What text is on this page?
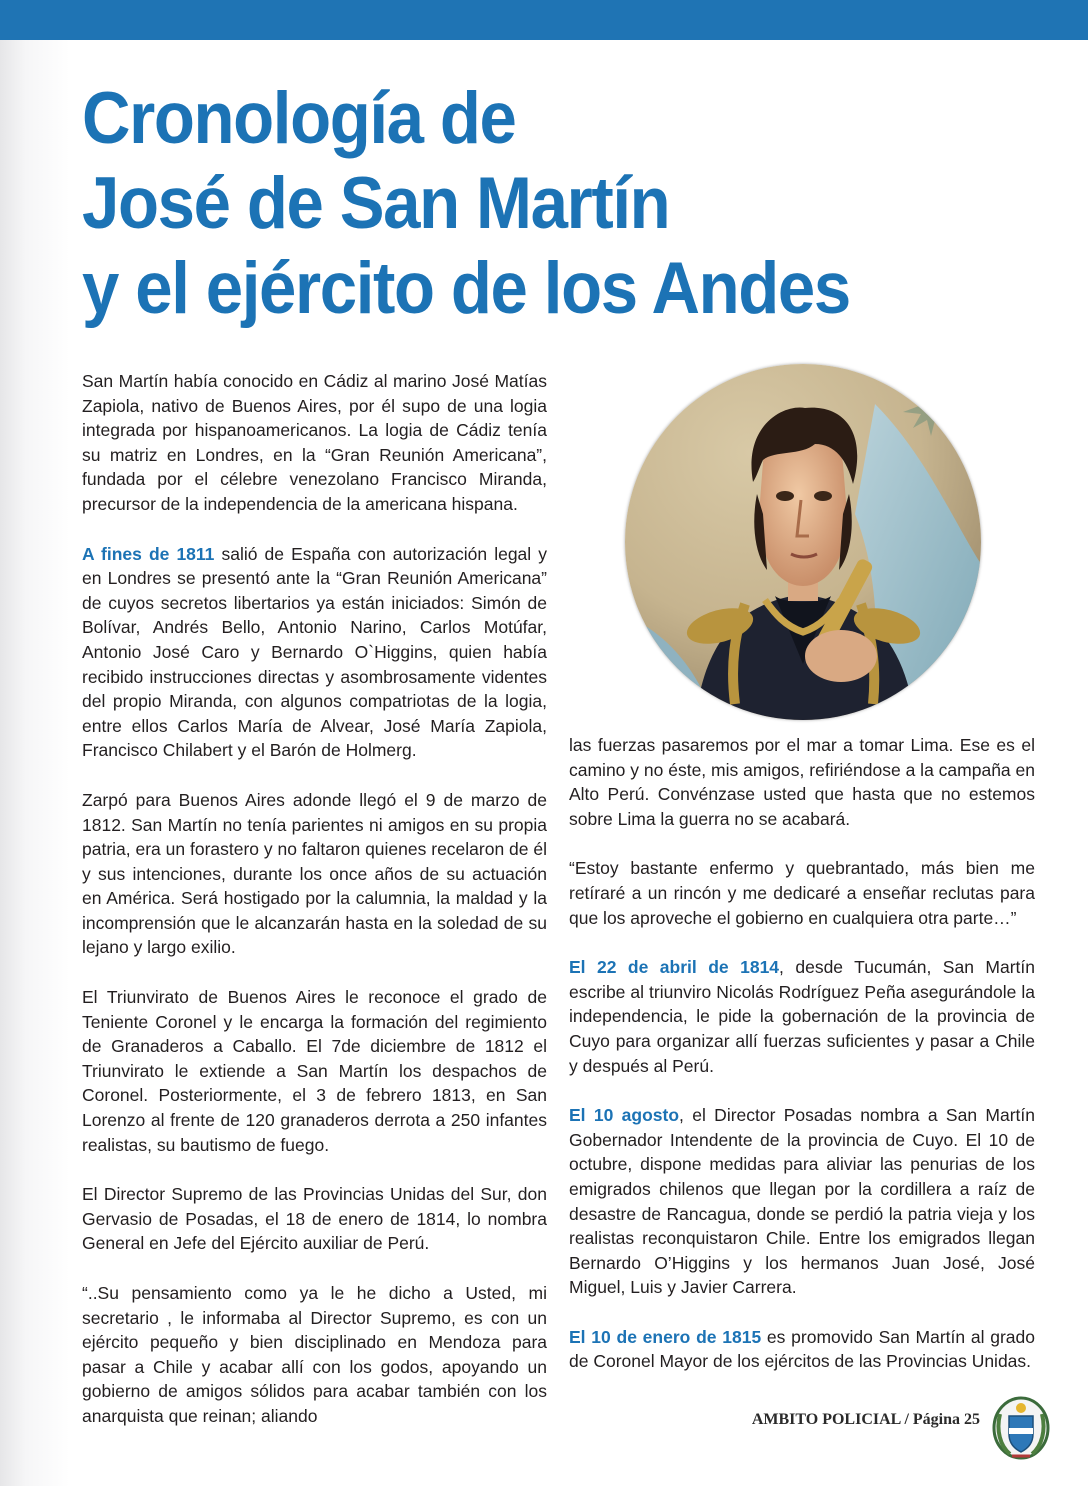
Cronología de
José de San Martín
y el ejército de los Andes

San Martín había conocido en Cádiz al marino José Matías Zapiola, nativo de Buenos Aires, por él supo de una logia integrada por hispanoamericanos. La logia de Cádiz tenía su matriz en Londres, en la “Gran Reunión Americana”, fundada por el célebre venezolano Francisco Miranda, precursor de la independencia de la americana hispana.

A fines de 1811 salió de España con autorización legal y en Londres se presentó ante la “Gran Reunión Americana” de cuyos secretos libertarios ya están iniciados: Simón de Bolívar, Andrés Bello, Antonio Narino, Carlos Motúfar, Antonio José Caro y Bernardo O`Higgins, quien había recibido instrucciones directas y asombrosamente videntes del propio Miranda, con algunos compatriotas de la logia, entre ellos Carlos María de Alvear, José María Zapiola, Francisco Chilabert y el Barón de Holmerg.

Zarpó para Buenos Aires adonde llegó el 9 de marzo de 1812. San Martín no tenía parientes ni amigos en su propia patria, era un forastero y no faltaron quienes recelaron de él y sus intenciones, durante los once años de su actuación en América. Será hostigado por la calumnia, la maldad y la incomprensión que le alcanzarán hasta en la soledad de su lejano y largo exilio.

El Triunvirato de Buenos Aires le reconoce el grado de Teniente Coronel y le encarga la formación del regimiento de Granaderos a Caballo. El 7de diciembre de 1812 el Triunvirato le extiende a San Martín los despachos de Coronel. Posteriormente, el 3 de febrero 1813, en San Lorenzo al frente de 120 granaderos derrota a 250 infantes realistas, su bautismo de fuego.

El Director Supremo de las Provincias Unidas del Sur, don Gervasio de Posadas, el 18 de enero de 1814, lo nombra General en Jefe del Ejército auxiliar de Perú.

“..Su pensamiento como ya le he dicho a Usted, mi secretario , le informaba al Director Supremo, es con un ejército pequeño y bien disciplinado en Mendoza para pasar a Chile y acabar allí con los godos, apoyando un gobierno de amigos sólidos para acabar también con los anarquista que reinan; aliando

las fuerzas pasaremos por el mar a tomar Lima. Ese es el camino y no éste, mis amigos, refiriéndose a la campaña en Alto Perú. Convénzase usted que hasta que no estemos sobre Lima la guerra no se acabará.

“Estoy bastante enfermo y quebrantado, más bien me retíraré a un rincón y me dedicaré a enseñar reclutas para que los aproveche el gobierno en cualquiera otra parte…”

El 22 de abril de 1814, desde Tucumán, San Martín escribe al triunviro Nicolás Rodríguez Peña asegurándole la independencia, le pide la gobernación de la provincia de Cuyo para organizar allí fuerzas suficientes y pasar a Chile y después al Perú.

El 10 agosto, el Director Posadas nombra a San Martín Gobernador Intendente de la provincia de Cuyo. El 10 de octubre, dispone medidas para aliviar las penurias de los emigrados chilenos que llegan por la cordillera a raíz de desastre de Rancagua, donde se perdió la patria vieja y los realistas reconquistaron Chile. Entre los emigrados llegan Bernardo O’Higgins y los hermanos Juan José, José Miguel, Luis y Javier Carrera.

El 10 de enero de 1815 es promovido San Martín al grado de Coronel Mayor de los ejércitos de las Provincias Unidas.

AMBITO POLICIAL / Página 25
